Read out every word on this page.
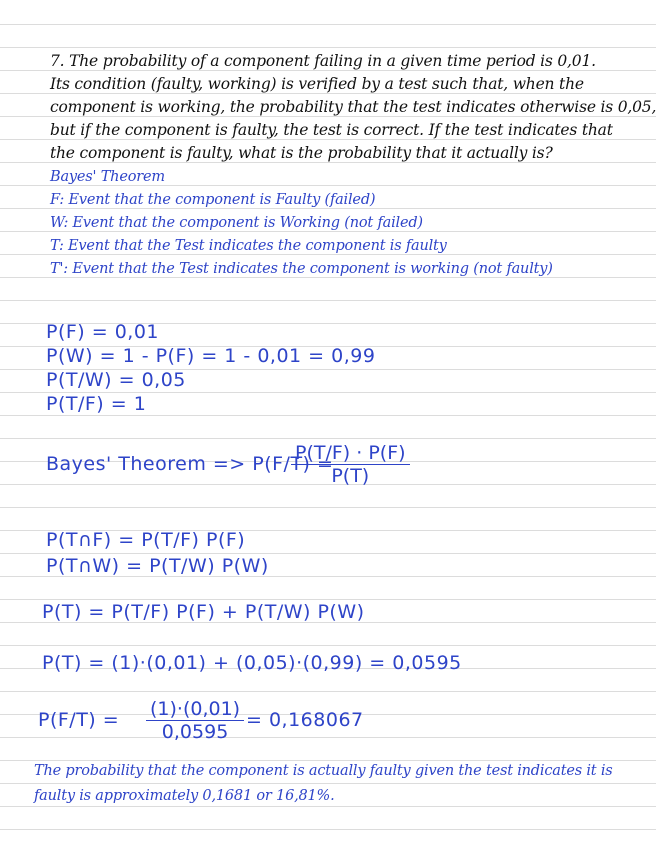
7. The probability of a component failing in a given time period is 0,01.
Its condition (faulty, working) is verified by a test such that, when the
component is working, the probability that the test indicates otherwise is 0,05,
but if the component is faulty, the test is correct. If the test indicates that
the component is faulty, what is the probability that it actually is?
Bayes' Theorem
F: Event that the component is Faulty (failed)
W: Event that the component is Working (not failed)
T: Event that the Test indicates the component is faulty
T': Event that the Test indicates the component is working (not faulty)
P(F) = 0,01
P(W) = 1 - P(F) = 1 - 0,01 = 0,99
P(T/W) = 0,05
P(T/F) = 1
Bayes' Theorem => P(F/T) =
$\frac{P(T/F) \cdot P(F)}{P(T)}$
P(T∩F) = P(T/F) P(F)
P(T∩W) = P(T/W) P(W)
P(T) = P(T/F) P(F) + P(T/W) P(W)
P(T) = (1)·(0,01) + (0,05)·(0,99) = 0,0595
$P(F/T) = \frac{(1)\cdot(0,01)}{0,0595} = 0,168067$
The probability that the component is actually faulty given the test indicates it is
faulty is approximately 0,1681 or 16,81%.
